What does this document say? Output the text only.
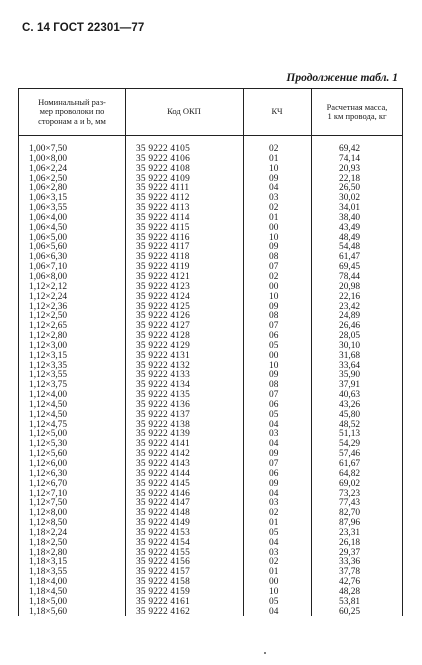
С. 14 ГОСТ 22301—77
Продолжение табл. 1
Номинальный раз-
мер проволоки по
сторонам a и b, мм
Код ОКП	КЧ	Расчетная масса,
1 км провода, кг
1,00×7,50	35 9222 4105	02	69,42
1,00×8,00	35 9222 4106	01	74,14
1,06×2,24	35 9222 4108	10	20,93
1,06×2,50	35 9222 4109	09	22,18
1,06×2,80	35 9222 4111	04	26,50
1,06×3,15	35 9222 4112	03	30,02
1,06×3,55	35 9222 4113	02	34,01
1,06×4,00	35 9222 4114	01	38,40
1,06×4,50	35 9222 4115	00	43,49
1,06×5,00	35 9222 4116	10	48,49
1,06×5,60	35 9222 4117	09	54,48
1,06×6,30	35 9222 4118	08	61,47
1,06×7,10	35 9222 4119	07	69,45
1,06×8,00	35 9222 4121	02	78,44
1,12×2,12	35 9222 4123	00	20,98
1,12×2,24	35 9222 4124	10	22,16
1,12×2,36	35 9222 4125	09	23,42
1,12×2,50	35 9222 4126	08	24,89
1,12×2,65	35 9222 4127	07	26,46
1,12×2,80	35 9222 4128	06	28,05
1,12×3,00	35 9222 4129	05	30,10
1,12×3,15	35 9222 4131	00	31,68
1,12×3,35	35 9222 4132	10	33,64
1,12×3,55	35 9222 4133	09	35,90
1,12×3,75	35 9222 4134	08	37,91
1,12×4,00	35 9222 4135	07	40,63
1,12×4,50	35 9222 4136	06	43,26
1,12×4,50	35 9222 4137	05	45,80
1,12×4,75	35 9222 4138	04	48,52
1,12×5,00	35 9222 4139	03	51,13
1,12×5,30	35 9222 4141	04	54,29
1,12×5,60	35 9222 4142	09	57,46
1,12×6,00	35 9222 4143	07	61,67
1,12×6,30	35 9222 4144	06	64,82
1,12×6,70	35 9222 4145	09	69,02
1,12×7,10	35 9222 4146	04	73,23
1,12×7,50	35 9222 4147	03	77,43
1,12×8,00	35 9222 4148	02	82,70
1,12×8,50	35 9222 4149	01	87,96
1,18×2,24	35 9222 4153	05	23,31
1,18×2,50	35 9222 4154	04	26,18
1,18×2,80	35 9222 4155	03	29,37
1,18×3,15	35 9222 4156	02	33,36
1,18×3,55	35 9222 4157	01	37,78
1,18×4,00	35 9222 4158	00	42,76
1,18×4,50	35 9222 4159	10	48,28
1,18×5,00	35 9222 4161	05	53,81
1,18×5,60	35 9222 4162	04	60,25
